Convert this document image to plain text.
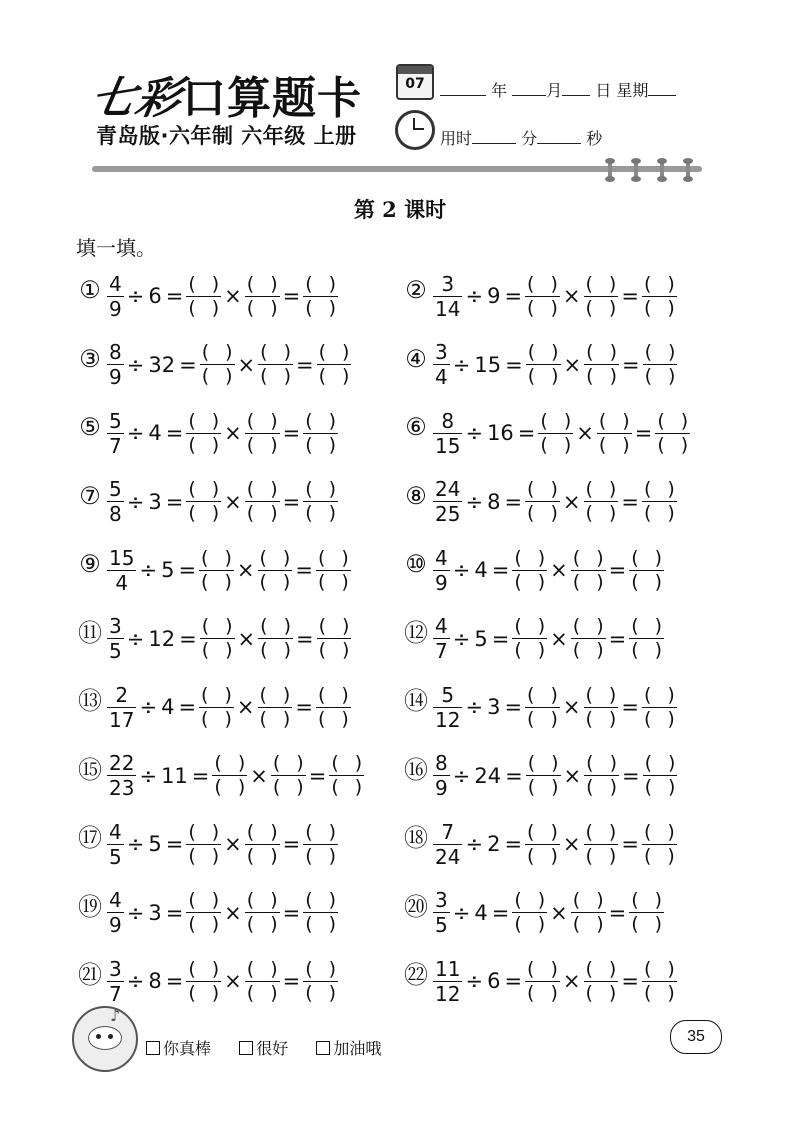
七彩口算题卡
青岛版·六年制 六年级 上册
07	年 月 日 星期
用时	分	秒
第 2 课时
填一填。
① $\frac{4}{9} \div 6 = \frac{( )}{( )} \times \frac{( )}{( )} = \frac{( )}{( )}$	② $\frac{3}{14} \div 9 = \frac{( )}{( )} \times \frac{( )}{( )} = \frac{( )}{( )}$
③ $\frac{8}{9} \div 32 = \frac{( )}{( )} \times \frac{( )}{( )} = \frac{( )}{( )}$ ④ $\frac{3}{4} \div 15 = \frac{( )}{( )} \times \frac{( )}{( )} = \frac{( )}{( )}$
⑤ $\frac{5}{7} \div 4 = \frac{( )}{( )} \times \frac{( )}{( )} = \frac{( )}{( )}$	⑥ $\frac{8}{15} \div 16 = \frac{( )}{( )} \times \frac{( )}{( )} = \frac{( )}{( )}$
⑦ $\frac{5}{8} \div 3 = \frac{( )}{( )} \times \frac{( )}{( )} = \frac{( )}{( )}$	⑧ $\frac{24}{25} \div 8 = \frac{( )}{( )} \times \frac{( )}{( )} = \frac{( )}{( )}$
⑨ $\frac{15}{4} \div 5 = \frac{( )}{( )} \times \frac{( )}{( )} = \frac{( )}{( )}$ ⑩ $\frac{4}{9} \div 4 = \frac{( )}{( )} \times \frac{( )}{( )} = \frac{( )}{( )}$
⑪ $\frac{3}{5} \div 12 = \frac{( )}{( )} \times \frac{( )}{( )} = \frac{( )}{( )}$ ⑫ $\frac{4}{7} \div 5 = \frac{( )}{( )} \times \frac{( )}{( )} = \frac{( )}{( )}$
⑬ $\frac{2}{17} \div 4 = \frac{( )}{( )} \times \frac{( )}{( )} = \frac{( )}{( )}$ ⑭ $\frac{5}{12} \div 3 = \frac{( )}{( )} \times \frac{( )}{( )} = \frac{( )}{( )}$
⑮ $\frac{22}{23} \div 11 = \frac{( )}{( )} \times \frac{( )}{( )} = \frac{( )}{( )}$ ⑯ $\frac{8}{9} \div 24 = \frac{( )}{( )} \times \frac{( )}{( )} = \frac{( )}{( )}$
⑰ $\frac{4}{5} \div 5 = \frac{( )}{( )} \times \frac{( )}{( )} = \frac{( )}{( )}$	⑱ $\frac{7}{24} \div 2 = \frac{( )}{( )} \times \frac{( )}{( )} = \frac{( )}{( )}$
⑲ $\frac{4}{9} \div 3 = \frac{( )}{( )} \times \frac{( )}{( )} = \frac{( )}{( )}$	⑳ $\frac{3}{5} \div 4 = \frac{( )}{( )} \times \frac{( )}{( )} = \frac{( )}{( )}$
㉑ $\frac{3}{7} \div 8 = \frac{( )}{( )} \times \frac{( )}{( )} = \frac{( )}{( )}$	㉒ $\frac{11}{12} \div 6 = \frac{( )}{( )} \times \frac{( )}{( )} = \frac{( )}{( )}$
♪
你真棒	很好	加油哦
35
